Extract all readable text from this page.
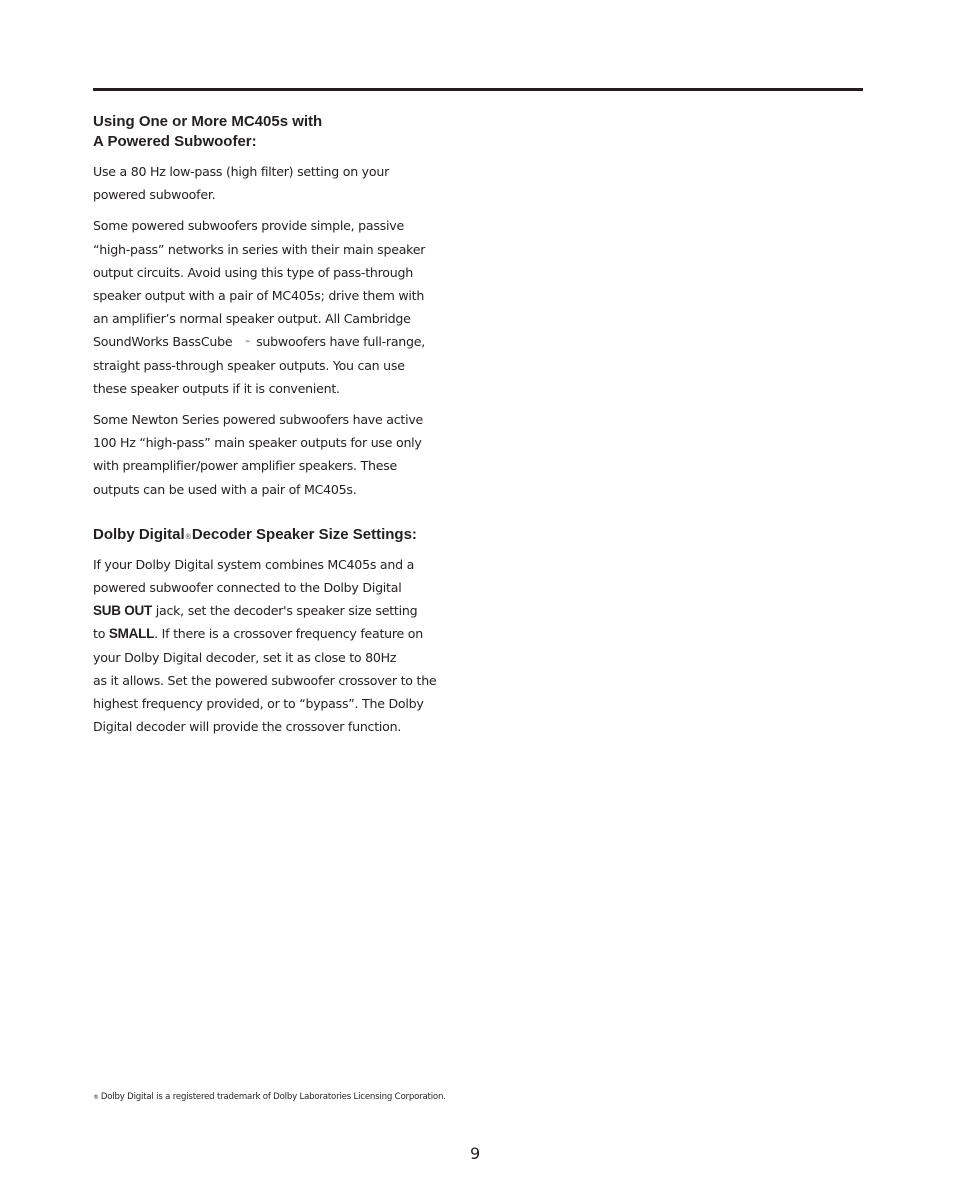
Using One or More MC405s with
A Powered Subwoofer:

Use a 80 Hz low-pass (high filter) setting on your
powered subwoofer.

Some powered subwoofers provide simple, passive
“high-pass” networks in series with their main speaker
output circuits. Avoid using this type of pass-through
speaker output with a pair of MC405s; drive them with
an amplifier’s normal speaker output. All Cambridge
SoundWorks BassCube ™ subwoofers have full-range,
straight pass-through speaker outputs. You can use
these speaker outputs if it is convenient.

Some Newton Series powered subwoofers have active
100 Hz “high-pass” main speaker outputs for use only
with preamplifier/power amplifier speakers. These
outputs can be used with a pair of MC405s.

Dolby Digital®Decoder Speaker Size Settings:

If your Dolby Digital system combines MC405s and a
powered subwoofer connected to the Dolby Digital
SUB OUT jack, set the decoder's speaker size setting
to SMALL. If there is a crossover frequency feature on
your Dolby Digital decoder, set it as close to 80Hz
as it allows. Set the powered subwoofer crossover to the
highest frequency provided, or to “bypass”. The Dolby
Digital decoder will provide the crossover function.

® Dolby Digital is a registered trademark of Dolby Laboratories Licensing Corporation.
9
